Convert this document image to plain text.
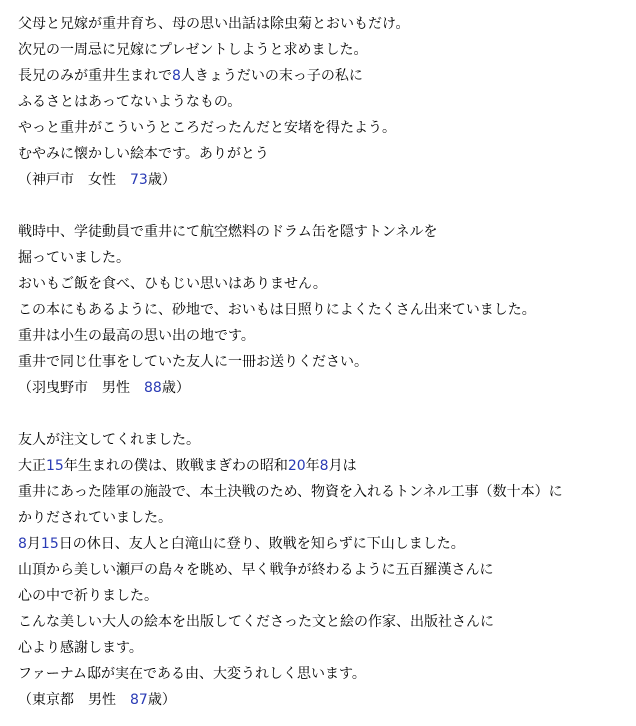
父母と兄嫁が重井育ち、母の思い出話は除虫菊とおいもだけ。
次兄の一周忌に兄嫁にプレゼントしようと求めました。
長兄のみが重井生まれで8人きょうだいの末っ子の私に
ふるさとはあってないようなもの。
やっと重井がこういうところだったんだと安堵を得たよう。
むやみに懐かしい絵本です。ありがとう
（神戸市　女性　73歳）
戦時中、学徒動員で重井にて航空燃料のドラム缶を隠すトンネルを
掘っていました。
おいもご飯を食べ、ひもじい思いはありません。
この本にもあるように、砂地で、おいもは日照りによくたくさん出来ていました。
重井は小生の最高の思い出の地です。
重井で同じ仕事をしていた友人に一冊お送りください。
（羽曳野市　男性　88歳）
友人が注文してくれました。
大正15年生まれの僕は、敗戦まぎわの昭和20年8月は
重井にあった陸軍の施設で、本土決戦のため、物資を入れるトンネル工事（数十本）に
かりだされていました。
8月15日の休日、友人と白滝山に登り、敗戦を知らずに下山しました。
山頂から美しい瀬戸の島々を眺め、早く戦争が終わるように五百羅漢さんに
心の中で祈りました。
こんな美しい大人の絵本を出版してくださった文と絵の作家、出版社さんに
心より感謝します。
ファーナム邸が実在である由、大変うれしく思います。
（東京都　男性　87歳）
